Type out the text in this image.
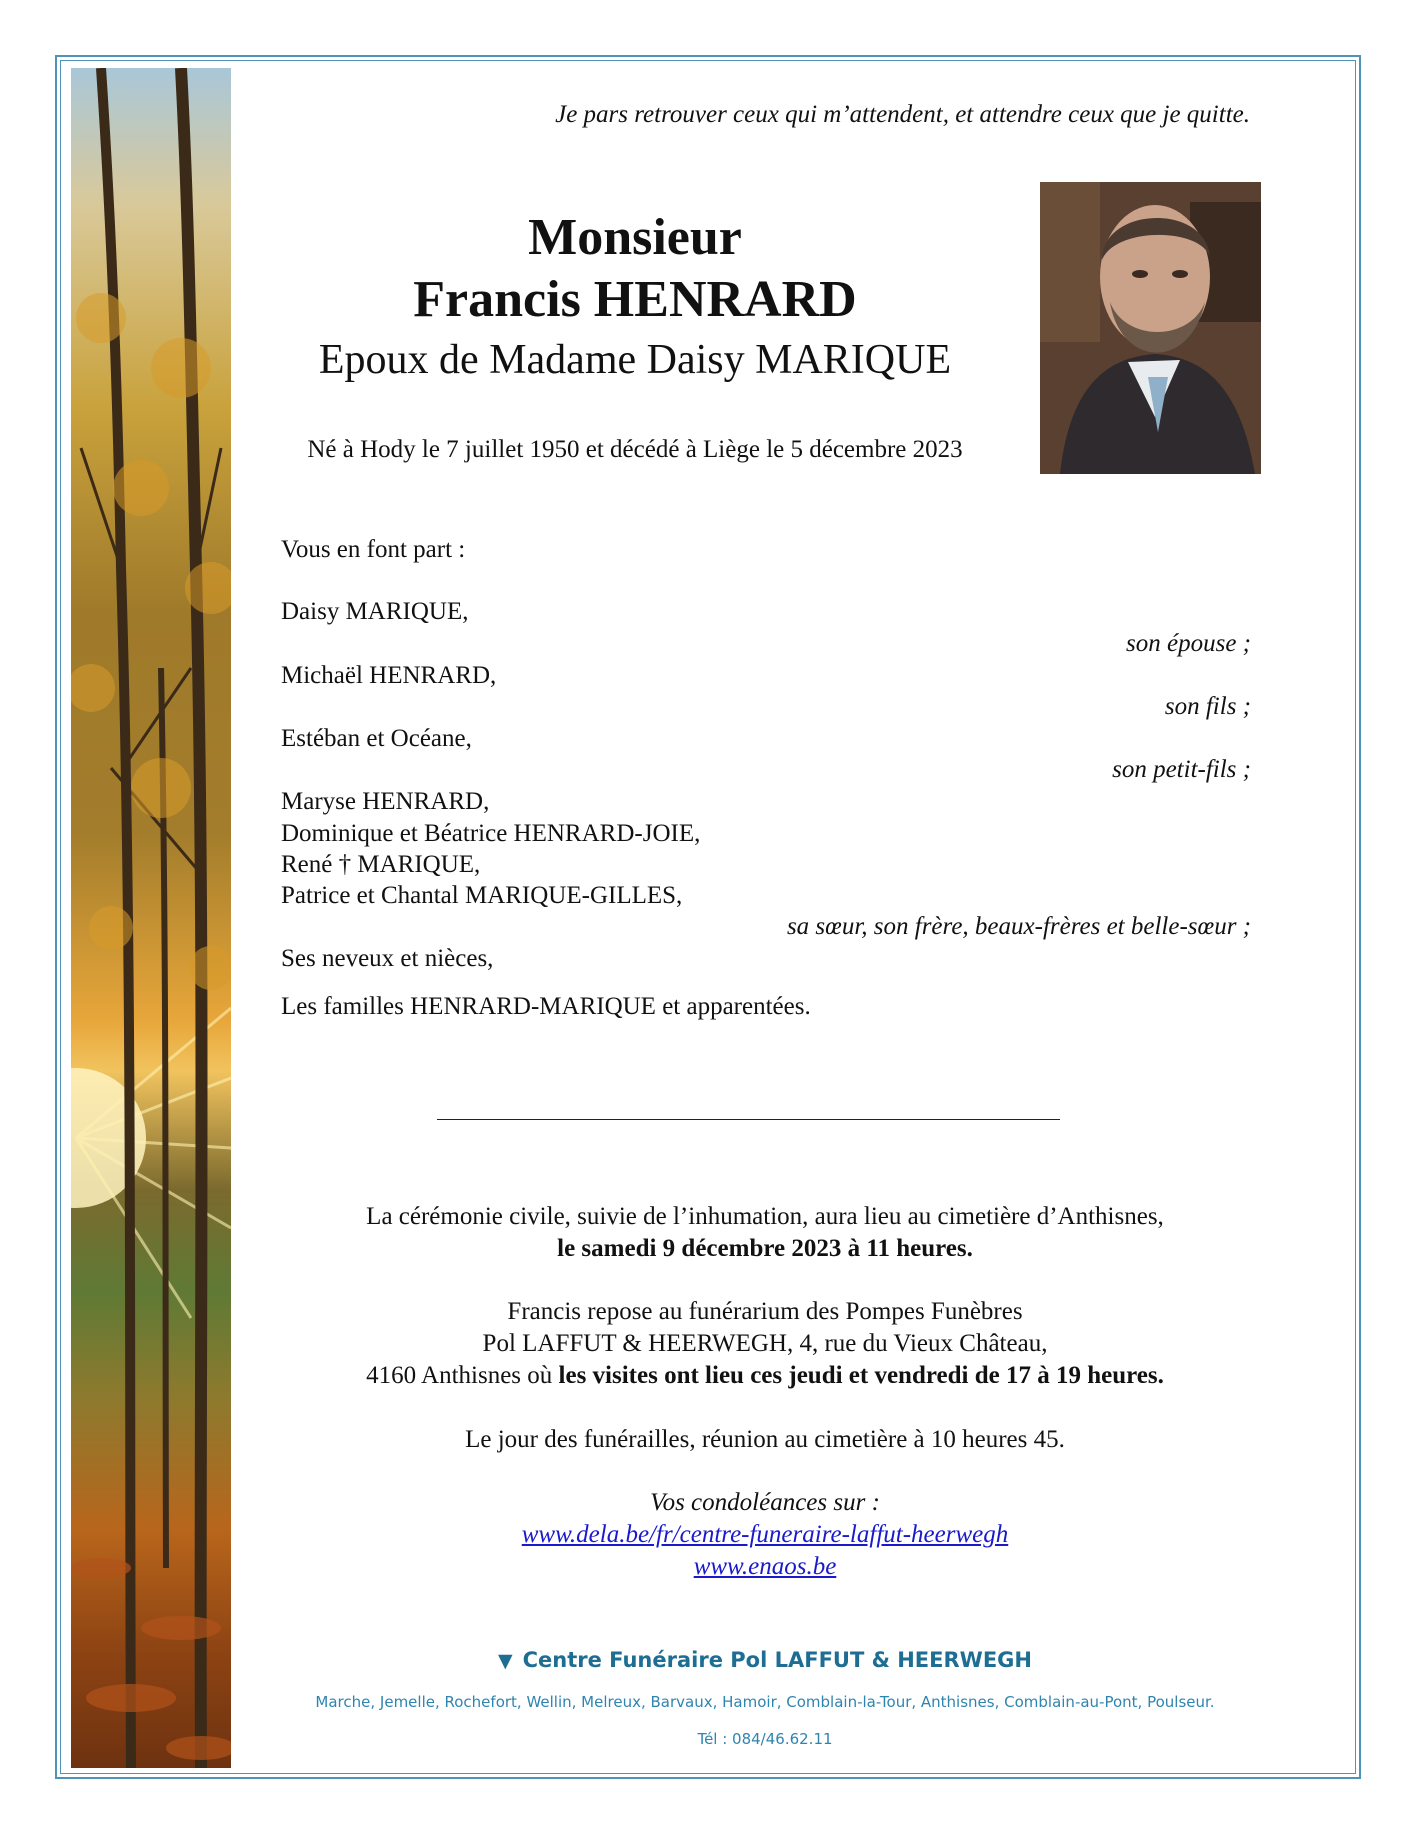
Je pars retrouver ceux qui m’attendent, et attendre ceux que je quitte.
Monsieur
Francis HENRARD
Epoux de Madame Daisy MARIQUE
Né à Hody le 7 juillet 1950 et décédé à Liège le 5 décembre 2023
Vous en font part :
Daisy MARIQUE,
son épouse ;
Michaël HENRARD,
son fils ;
Estéban et Océane,
son petit-fils ;
Maryse HENRARD,
Dominique et Béatrice HENRARD-JOIE,
René † MARIQUE,
Patrice et Chantal MARIQUE-GILLES,
sa sœur, son frère, beaux-frères et belle-sœur ;
Ses neveux et nièces,
Les familles HENRARD-MARIQUE et apparentées.
La cérémonie civile, suivie de l’inhumation, aura lieu au cimetière d’Anthisnes,
le samedi 9 décembre 2023 à 11 heures.
Francis repose au funérarium des Pompes Funèbres
Pol LAFFUT & HEERWEGH, 4, rue du Vieux Château,
4160 Anthisnes où les visites ont lieu ces jeudi et vendredi de 17 à 19 heures.
Le jour des funérailles, réunion au cimetière à 10 heures 45.
Vos condoléances sur :
www.dela.be/fr/centre-funeraire-laffut-heerwegh
www.enaos.be
▼ Centre Funéraire Pol LAFFUT & HEERWEGH
Marche, Jemelle, Rochefort, Wellin, Melreux, Barvaux, Hamoir, Comblain-la-Tour, Anthisnes, Comblain-au-Pont, Poulseur.
Tél : 084/46.62.11
